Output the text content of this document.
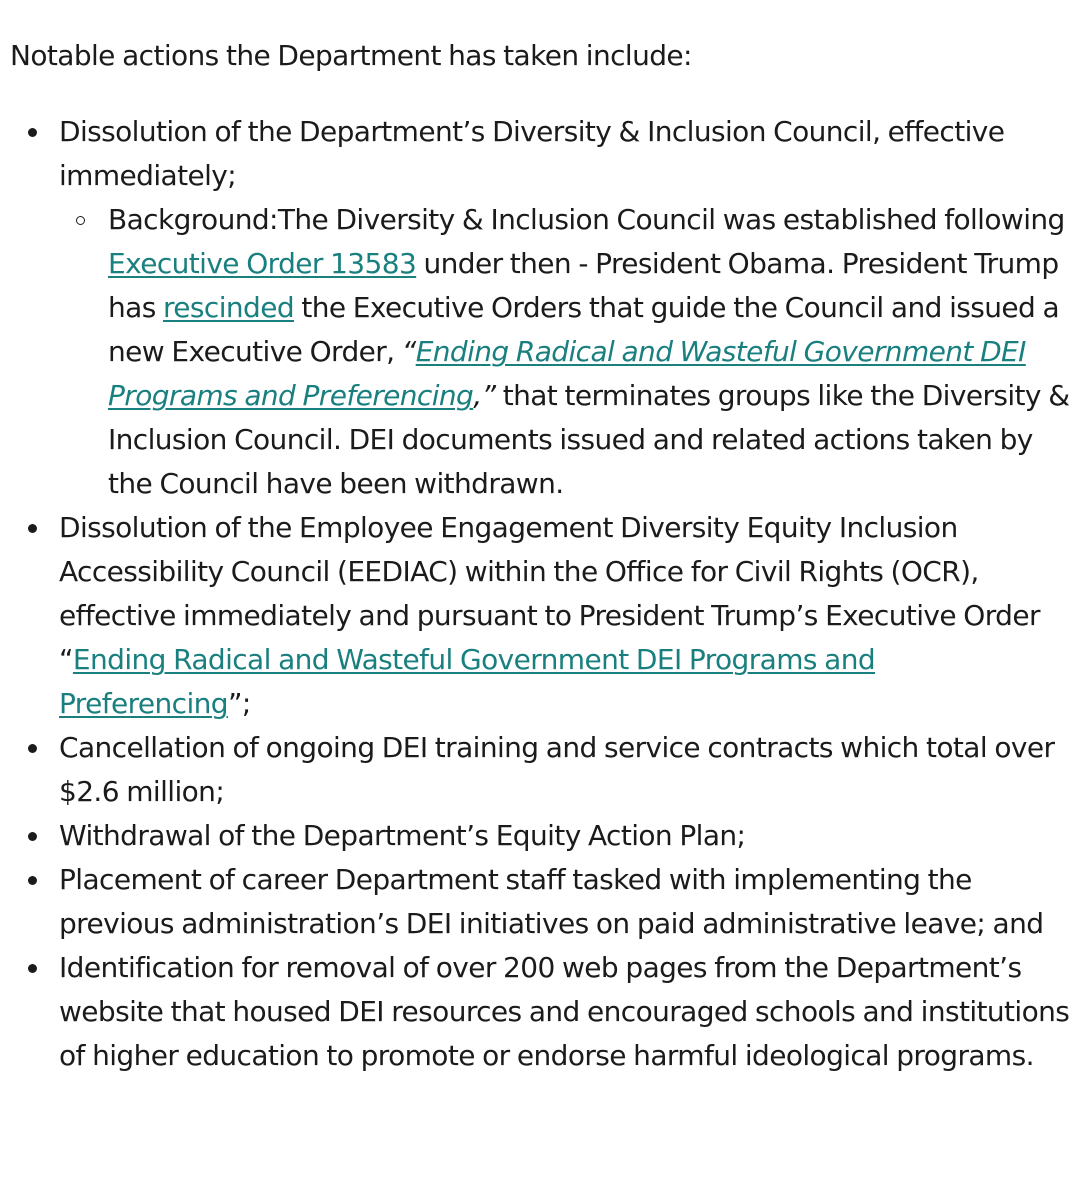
Notable actions the Department has taken include:

Dissolution of the Department’s Diversity & Inclusion Council, effective immediately;
Background:The Diversity & Inclusion Council was established following Executive Order 13583 under then - President Obama. President Trump has rescinded the Executive Orders that guide the Council and issued a new Executive Order, “Ending Radical and Wasteful Government DEI Programs and Preferencing,” that terminates groups like the Diversity & Inclusion Council. DEI documents issued and related actions taken by the Council have been withdrawn.
Dissolution of the Employee Engagement Diversity Equity Inclusion Accessibility Council (EEDIAC) within the Office for Civil Rights (OCR), effective immediately and pursuant to President Trump’s Executive Order “Ending Radical and Wasteful Government DEI Programs and Preferencing”;
Cancellation of ongoing DEI training and service contracts which total over $2.6 million;
Withdrawal of the Department’s Equity Action Plan;
Placement of career Department staff tasked with implementing the previous administration’s DEI initiatives on paid administrative leave; and
Identification for removal of over 200 web pages from the Department’s website that housed DEI resources and encouraged schools and institutions of higher education to promote or endorse harmful ideological programs.
